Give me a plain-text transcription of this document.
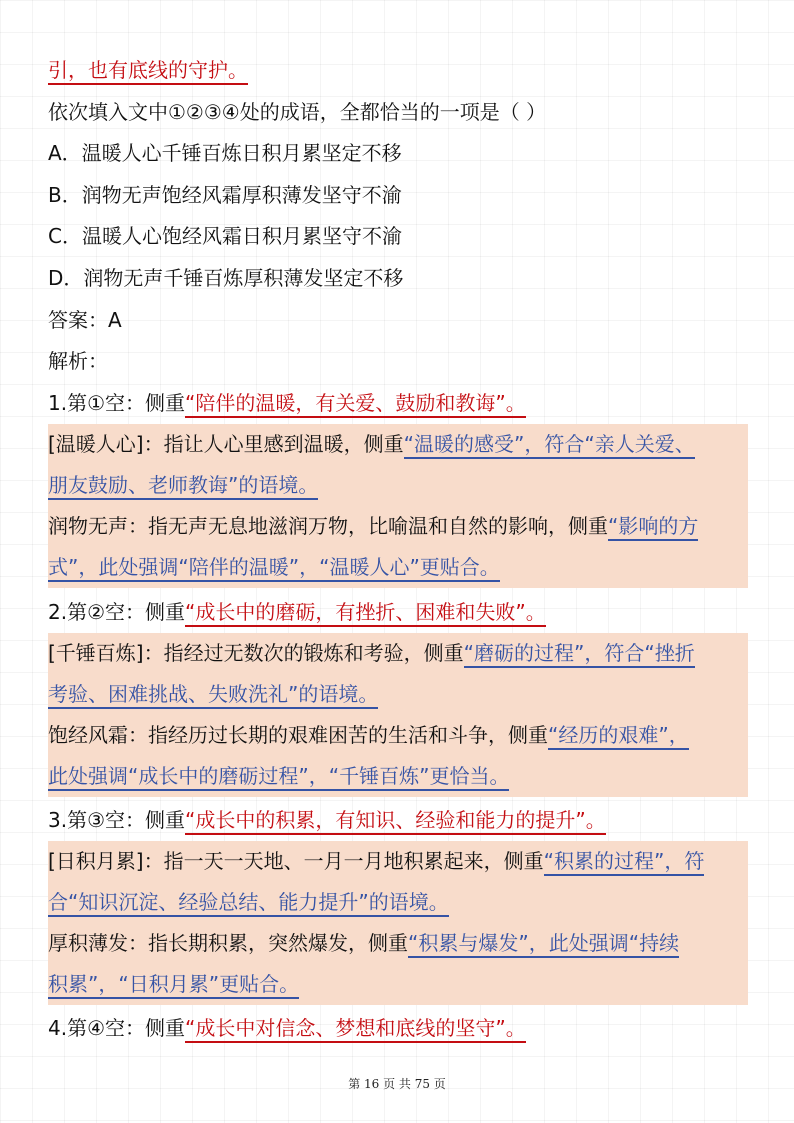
引，也有底线的守护。
依次填入文中①②③④处的成语，全都恰当的一项是（ ）
A．温暖人心千锤百炼日积月累坚定不移
B．润物无声饱经风霜厚积薄发坚守不渝
C．温暖人心饱经风霜日积月累坚守不渝
D．润物无声千锤百炼厚积薄发坚定不移
答案：A
解析：
1.第①空：侧重“陪伴的温暖，有关爱、鼓励和教诲”。
[温暖人心]：指让人心里感到温暖，侧重“温暖的感受”，符合“亲人关爱、
朋友鼓励、老师教诲”的语境。
润物无声：指无声无息地滋润万物，比喻温和自然的影响，侧重“影响的方
式”，此处强调“陪伴的温暖”，“温暖人心”更贴合。
2.第②空：侧重“成长中的磨砺，有挫折、困难和失败”。
[千锤百炼]：指经过无数次的锻炼和考验，侧重“磨砺的过程”，符合“挫折
考验、困难挑战、失败洗礼”的语境。
饱经风霜：指经历过长期的艰难困苦的生活和斗争，侧重“经历的艰难”，
此处强调“成长中的磨砺过程”，“千锤百炼”更恰当。
3.第③空：侧重“成长中的积累，有知识、经验和能力的提升”。
[日积月累]：指一天一天地、一月一月地积累起来，侧重“积累的过程”，符
合“知识沉淀、经验总结、能力提升”的语境。
厚积薄发：指长期积累，突然爆发，侧重“积累与爆发”，此处强调“持续
积累”，“日积月累”更贴合。
4.第④空：侧重“成长中对信念、梦想和底线的坚守”。
第 16 页 共 75 页
